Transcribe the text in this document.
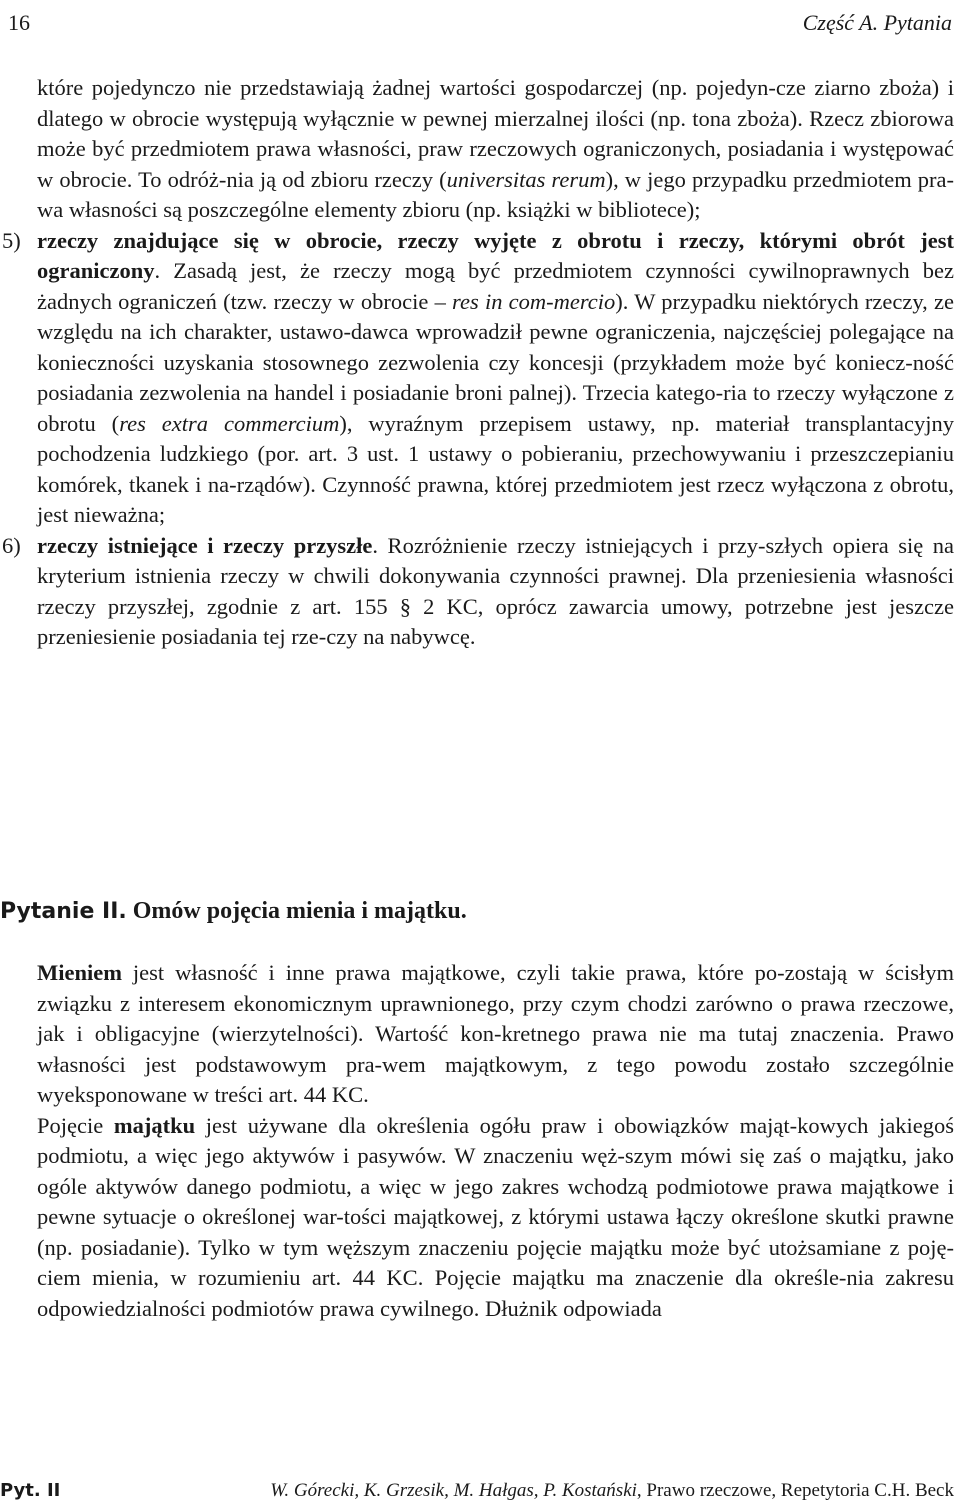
16	Część A. Pytania

które pojedynczo nie przedstawiają żadnej wartości gospodarczej (np. pojedyn-cze ziarno zboża) i dlatego w obrocie występują wyłącznie w pewnej mierzalnej ilości (np. tona zboża). Rzecz zbiorowa może być przedmiotem prawa własności, praw rzeczowych ograniczonych, posiadania i występować w obrocie. To odróż-nia ją od zbioru rzeczy (universitas rerum), w jego przypadku przedmiotem pra-wa własności są poszczególne elementy zbioru (np. książki w bibliotece);

5) rzeczy znajdujące się w obrocie, rzeczy wyjęte z obrotu i rzeczy, którymi obrót jest ograniczony. Zasadą jest, że rzeczy mogą być przedmiotem czynności cywilnoprawnych bez żadnych ograniczeń (tzw. rzeczy w obrocie – res in com-mercio). W przypadku niektórych rzeczy, ze względu na ich charakter, ustawo-dawca wprowadził pewne ograniczenia, najczęściej polegające na konieczności uzyskania stosownego zezwolenia czy koncesji (przykładem może być koniecz-ność posiadania zezwolenia na handel i posiadanie broni palnej). Trzecia katego-ria to rzeczy wyłączone z obrotu (res extra commercium), wyraźnym przepisem ustawy, np. materiał transplantacyjny pochodzenia ludzkiego (por. art. 3 ust. 1 ustawy o pobieraniu, przechowywaniu i przeszczepianiu komórek, tkanek i na-rządów). Czynność prawna, której przedmiotem jest rzecz wyłączona z obrotu, jest nieważna;

6) rzeczy istniejące i rzeczy przyszłe. Rozróżnienie rzeczy istniejących i przy-szłych opiera się na kryterium istnienia rzeczy w chwili dokonywania czynności prawnej. Dla przeniesienia własności rzeczy przyszłej, zgodnie z art. 155 § 2 KC, oprócz zawarcia umowy, potrzebne jest jeszcze przeniesienie posiadania tej rze-czy na nabywcę.

Pytanie II. Omów pojęcia mienia i majątku.

Mieniem jest własność i inne prawa majątkowe, czyli takie prawa, które po-zostają w ścisłym związku z interesem ekonomicznym uprawnionego, przy czym chodzi zarówno o prawa rzeczowe, jak i obligacyjne (wierzytelności). Wartość kon-kretnego prawa nie ma tutaj znaczenia. Prawo własności jest podstawowym pra-wem majątkowym, z tego powodu zostało szczególnie wyeksponowane w treści art. 44 KC.

Pojęcie majątku jest używane dla określenia ogółu praw i obowiązków mająt-kowych jakiegoś podmiotu, a więc jego aktywów i pasywów. W znaczeniu węż-szym mówi się zaś o majątku, jako ogóle aktywów danego podmiotu, a więc w jego zakres wchodzą podmiotowe prawa majątkowe i pewne sytuacje o określonej war-tości majątkowej, z którymi ustawa łączy określone skutki prawne (np. posiadanie). Tylko w tym węższym znaczeniu pojęcie majątku może być utożsamiane z poję-ciem mienia, w rozumieniu art. 44 KC. Pojęcie majątku ma znaczenie dla określe-nia zakresu odpowiedzialności podmiotów prawa cywilnego. Dłużnik odpowiada

Pyt. II	W. Górecki, K. Grzesik, M. Hałgas, P. Kostański, Prawo rzeczowe, Repetytoria C.H. Beck
